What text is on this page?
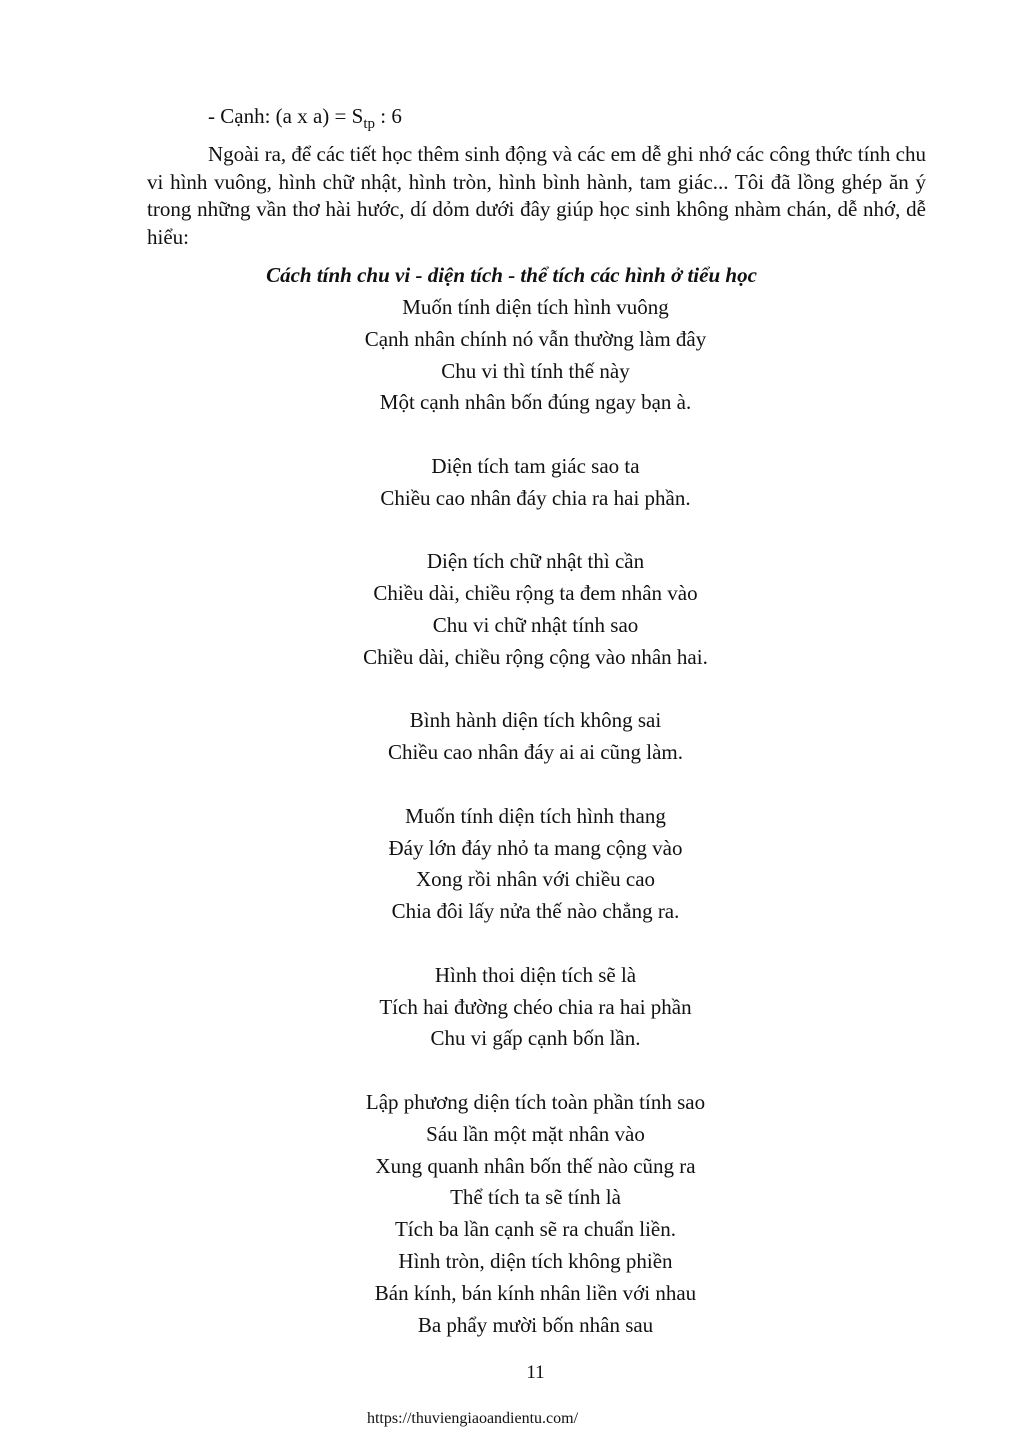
- Cạnh: (a x $a) = S_{tp}$ : 6

Ngoài ra, để các tiết học thêm sinh động và các em dễ ghi nhớ các công thức tính chu vi hình vuông, hình chữ nhật, hình tròn, hình bình hành, tam giác... Tôi đã lồng ghép ăn ý trong những vần thơ hài hước, dí dỏm dưới đây giúp học sinh không nhàm chán, dễ nhớ, dễ hiểu:

Cách tính chu vi - diện tích - thể tích các hình ở tiểu học

Muốn tính diện tích hình vuông
Cạnh nhân chính nó vẫn thường làm đây
Chu vi thì tính thế này
Một cạnh nhân bốn đúng ngay bạn à.
Diện tích tam giác sao ta
Chiều cao nhân đáy chia ra hai phần.
Diện tích chữ nhật thì cần
Chiều dài, chiều rộng ta đem nhân vào
Chu vi chữ nhật tính sao
Chiều dài, chiều rộng cộng vào nhân hai.
Bình hành diện tích không sai
Chiều cao nhân đáy ai ai cũng làm.
Muốn tính diện tích hình thang
Đáy lớn đáy nhỏ ta mang cộng vào
Xong rồi nhân với chiều cao
Chia đôi lấy nửa thế nào chẳng ra.
Hình thoi diện tích sẽ là
Tích hai đường chéo chia ra hai phần
Chu vi gấp cạnh bốn lần.
Lập phương diện tích toàn phần tính sao
Sáu lần một mặt nhân vào
Xung quanh nhân bốn thế nào cũng ra
Thể tích ta sẽ tính là
Tích ba lần cạnh sẽ ra chuẩn liền.
Hình tròn, diện tích không phiền
Bán kính, bán kính nhân liền với nhau
Ba phẩy mười bốn nhân sau
11
https://thuviengiaoandientu.com/
